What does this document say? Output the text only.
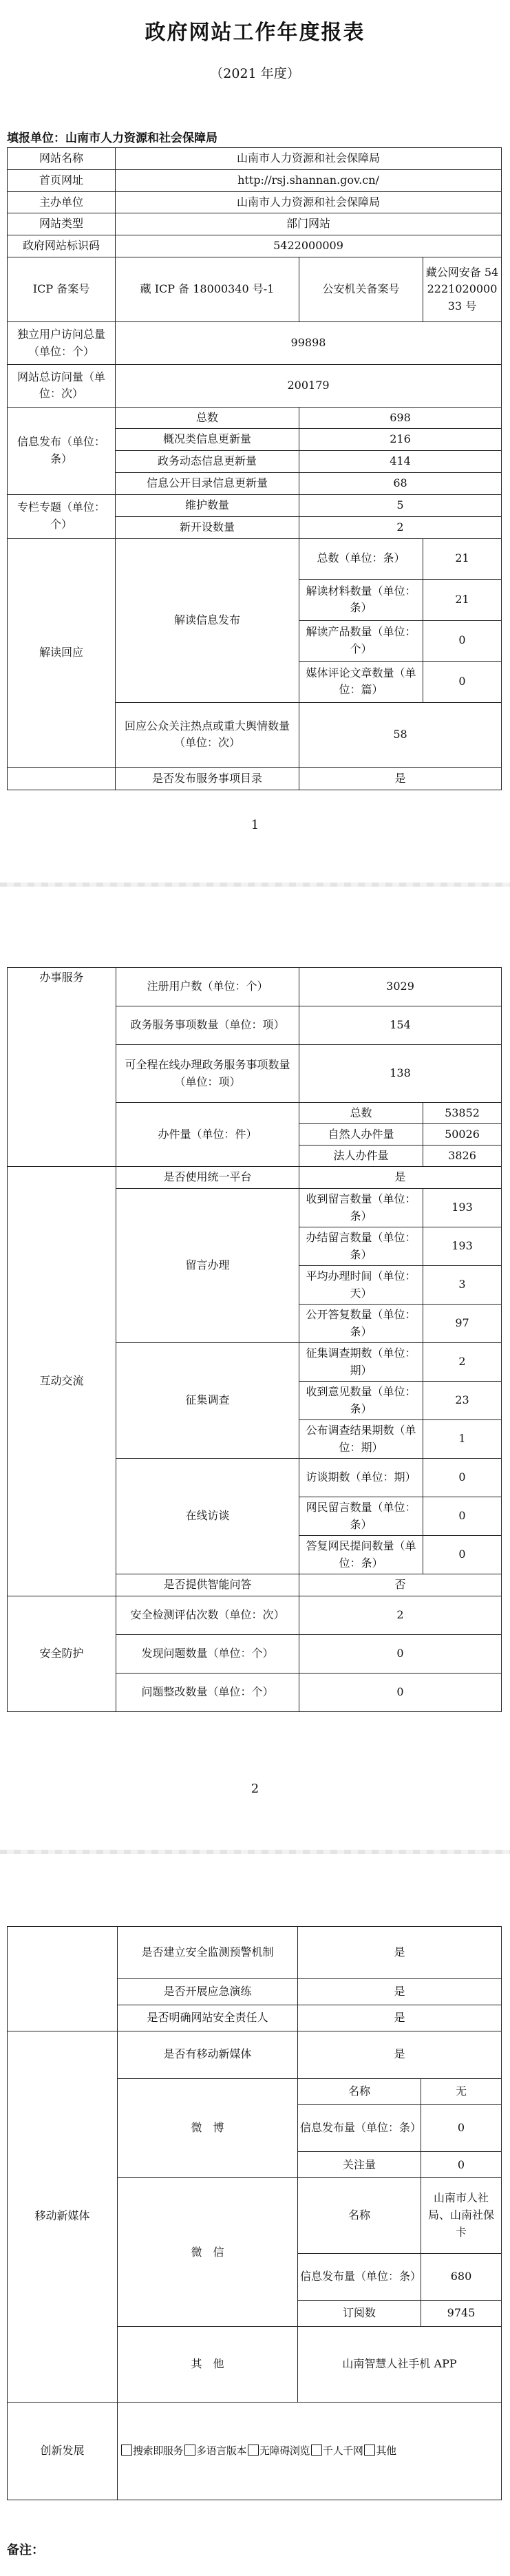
政府网站工作年度报表
（2021 年度）
填报单位：山南市人力资源和社会保障局
网站名称	山南市人力资源和社会保障局		
首页网址	http://rsj.shannan.gov.cn/		
主办单位	山南市人力资源和社会保障局		
网站类型	部门网站		
政府网站标识码	5422000009		
ICP 备案号	藏 ICP 备 18000340 号-1	公安机关备案号	藏公网安备 54222102000033 号
独立用户访问总量（单位：个）	99898		
网站总访问量（单位：次）	200179		
信息发布（单位：条）	总数	698	
	概况类信息更新量	216	
	政务动态信息更新量	414	
	信息公开目录信息更新量	68	
专栏专题（单位：个）	维护数量	5	
	新开设数量	2	
解读回应	解读信息发布	总数（单位：条）	21
		解读材料数量（单位：条）	21
		解读产品数量（单位：个）	0
		媒体评论文章数量（单位：篇）	0
	回应公众关注热点或重大舆情数量（单位：次）	58	
	是否发布服务事项目录	是	
1
办事服务	注册用户数（单位：个）	3029	
	政务服务事项数量（单位：项）	154	
	可全程在线办理政务服务事项数量（单位：项）	138	
	办件量（单位：件）	总数	53852
		自然人办件量	50026
		法人办件量	3826
互动交流	是否使用统一平台	是	
	留言办理	收到留言数量（单位：条）	193
		办结留言数量（单位：条）	193
		平均办理时间（单位：天）	3
		公开答复数量（单位：条）	97
	征集调查	征集调查期数（单位：期）	2
		收到意见数量（单位：条）	23
		公布调查结果期数（单位：期）	1
	在线访谈	访谈期数（单位：期）	0
		网民留言数量（单位：条）	0
		答复网民提问数量（单位：条）	0
	是否提供智能问答	否	
安全防护	安全检测评估次数（单位：次）	2	
	发现问题数量（单位：个）	0	
	问题整改数量（单位：个）	0	
2
	是否建立安全监测预警机制	是	
	是否开展应急演练	是	
	是否明确网站安全责任人	是	
移动新媒体	是否有移动新媒体	是	
	微　博	名称	无
		信息发布量（单位：条）	0
		关注量	0
	微　信	名称	山南市人社局、山南社保卡
		信息发布量（单位：条）	680
		订阅数	9745
	其　他	山南智慧人社手机 APP	
创新发展	搜索即服务 多语言版本 无障碍浏览 千人千网 其他		
备注：
